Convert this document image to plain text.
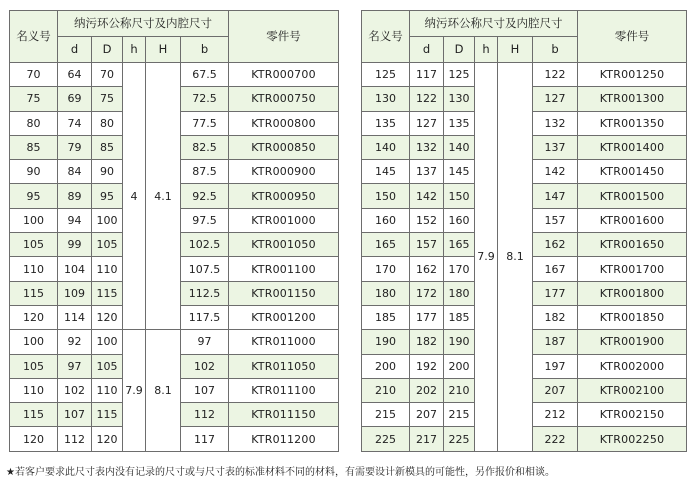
名义号	纳污环公称尺寸及内腔尺寸					零件号
	d	D	h	H	b	
70	64	70	4	4.1	67.5	KTR000700
75	69	75			72.5	KTR000750
80	74	80			77.5	KTR000800
85	79	85			82.5	KTR000850
90	84	90			87.5	KTR000900
95	89	95			92.5	KTR000950
100	94	100			97.5	KTR001000
105	99	105			102.5	KTR001050
110	104	110			107.5	KTR001100
115	109	115			112.5	KTR001150
120	114	120			117.5	KTR001200
100	92	100	7.9	8.1	97	KTR011000
105	97	105			102	KTR011050
110	102	110			107	KTR011100
115	107	115			112	KTR011150
120	112	120			117	KTR011200
名义号	纳污环公称尺寸及内腔尺寸					零件号
	d	D	h	H	b	
125	117	125	7.9	8.1	122	KTR001250
130	122	130			127	KTR001300
135	127	135			132	KTR001350
140	132	140			137	KTR001400
145	137	145			142	KTR001450
150	142	150			147	KTR001500
160	152	160			157	KTR001600
165	157	165			162	KTR001650
170	162	170			167	KTR001700
180	172	180			177	KTR001800
185	177	185			182	KTR001850
190	182	190			187	KTR001900
200	192	200			197	KTR002000
210	202	210			207	KTR002100
215	207	215			212	KTR002150
225	217	225			222	KTR002250
★若客户要求此尺寸表内没有记录的尺寸或与尺寸表的标准材料不同的材料，有需要设计新模具的可能性，另作报价和相谈。
